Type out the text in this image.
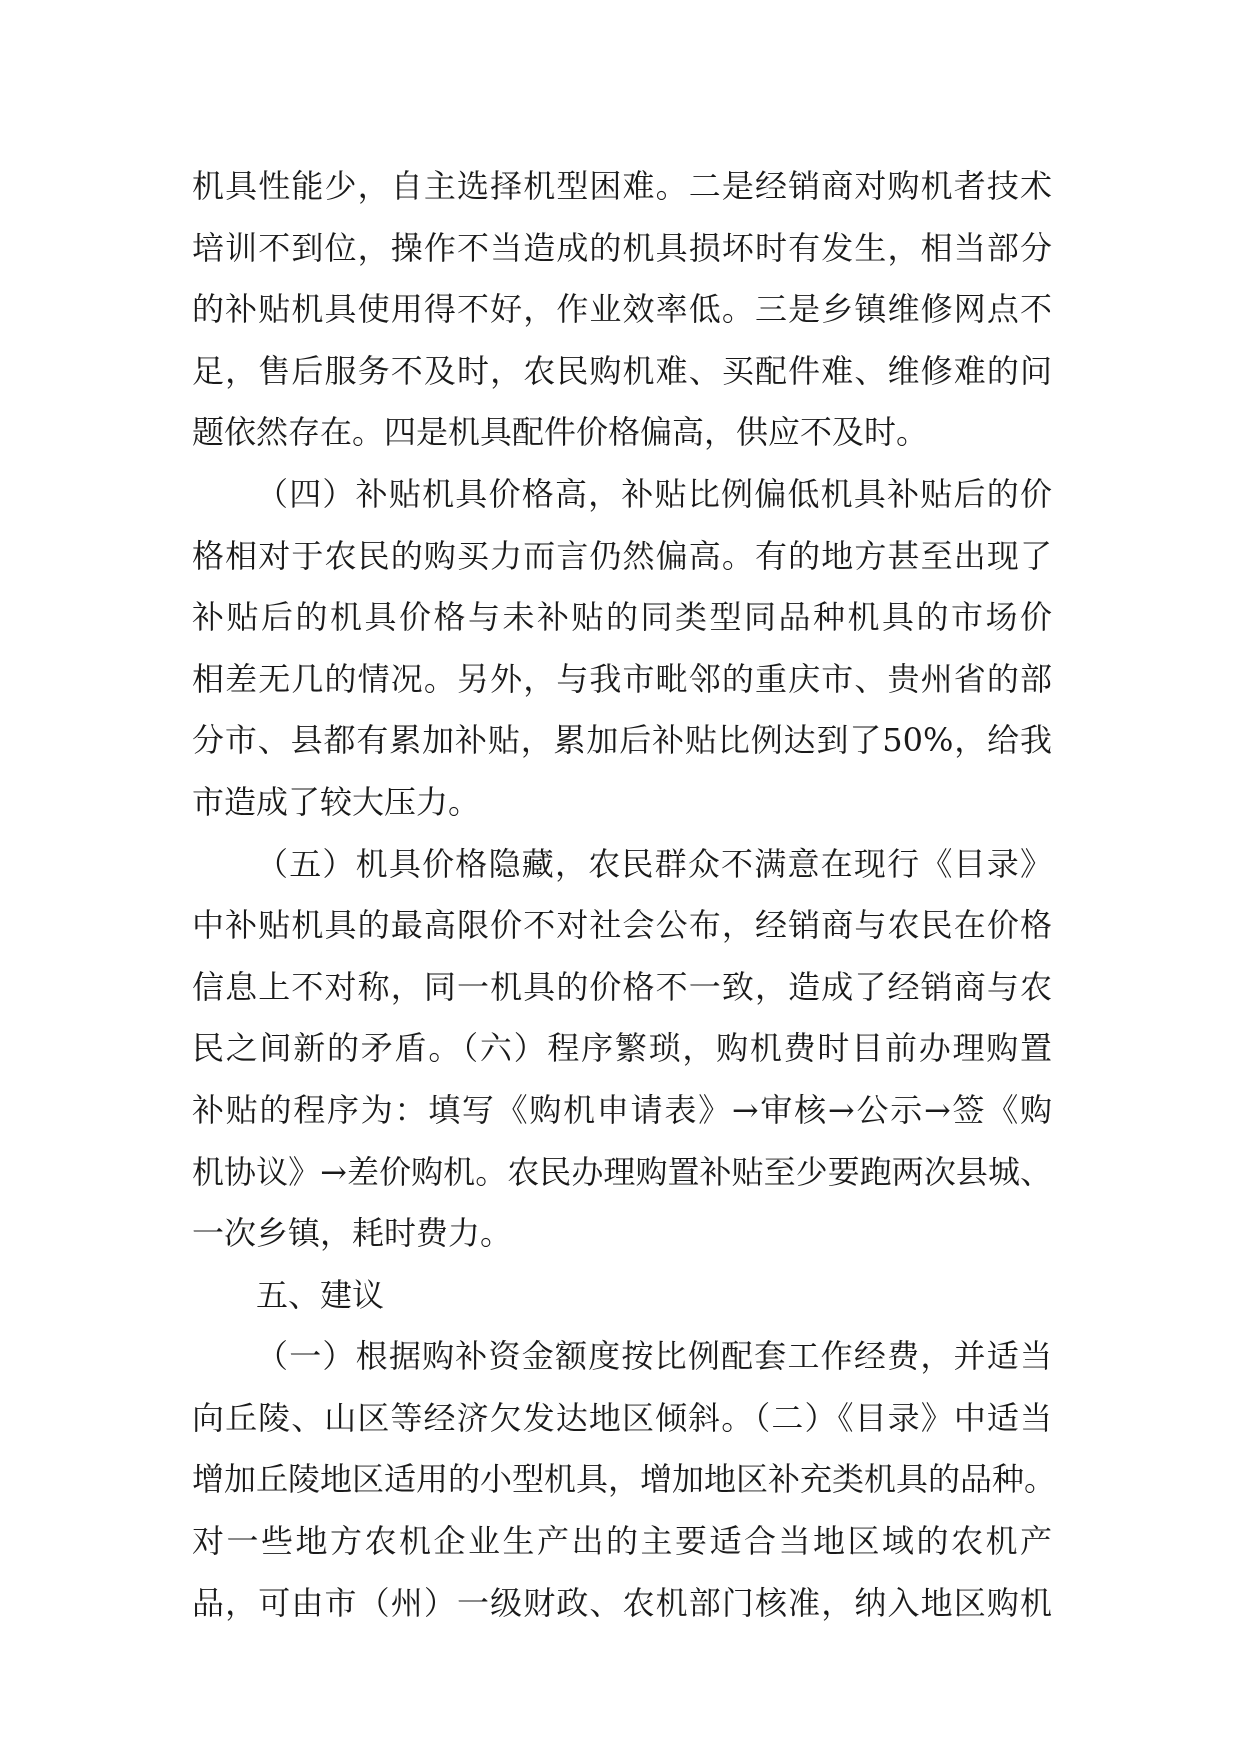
机具性能少，自主选择机型困难。二是经销商对购机者技术
培训不到位，操作不当造成的机具损坏时有发生，相当部分
的补贴机具使用得不好，作业效率低。三是乡镇维修网点不
足，售后服务不及时，农民购机难、买配件难、维修难的问
题依然存在。四是机具配件价格偏高，供应不及时。
（四）补贴机具价格高，补贴比例偏低机具补贴后的价
格相对于农民的购买力而言仍然偏高。有的地方甚至出现了
补贴后的机具价格与未补贴的同类型同品种机具的市场价
相差无几的情况。另外，与我市毗邻的重庆市、贵州省的部
分市、县都有累加补贴，累加后补贴比例达到了50%，给我
市造成了较大压力。
（五）机具价格隐藏，农民群众不满意在现行《目录》
中补贴机具的最高限价不对社会公布，经销商与农民在价格
信息上不对称，同一机具的价格不一致，造成了经销商与农
民之间新的矛盾。（六）程序繁琐，购机费时目前办理购置
补贴的程序为：填写《购机申请表》→审核→公示→签《购
机协议》→差价购机。农民办理购置补贴至少要跑两次县城、
一次乡镇，耗时费力。
五、建议
（一）根据购补资金额度按比例配套工作经费，并适当
向丘陵、山区等经济欠发达地区倾斜。（二）《目录》中适当
增加丘陵地区适用的小型机具，增加地区补充类机具的品种。
对一些地方农机企业生产出的主要适合当地区域的农机产
品，可由市（州）一级财政、农机部门核准，纳入地区购机
